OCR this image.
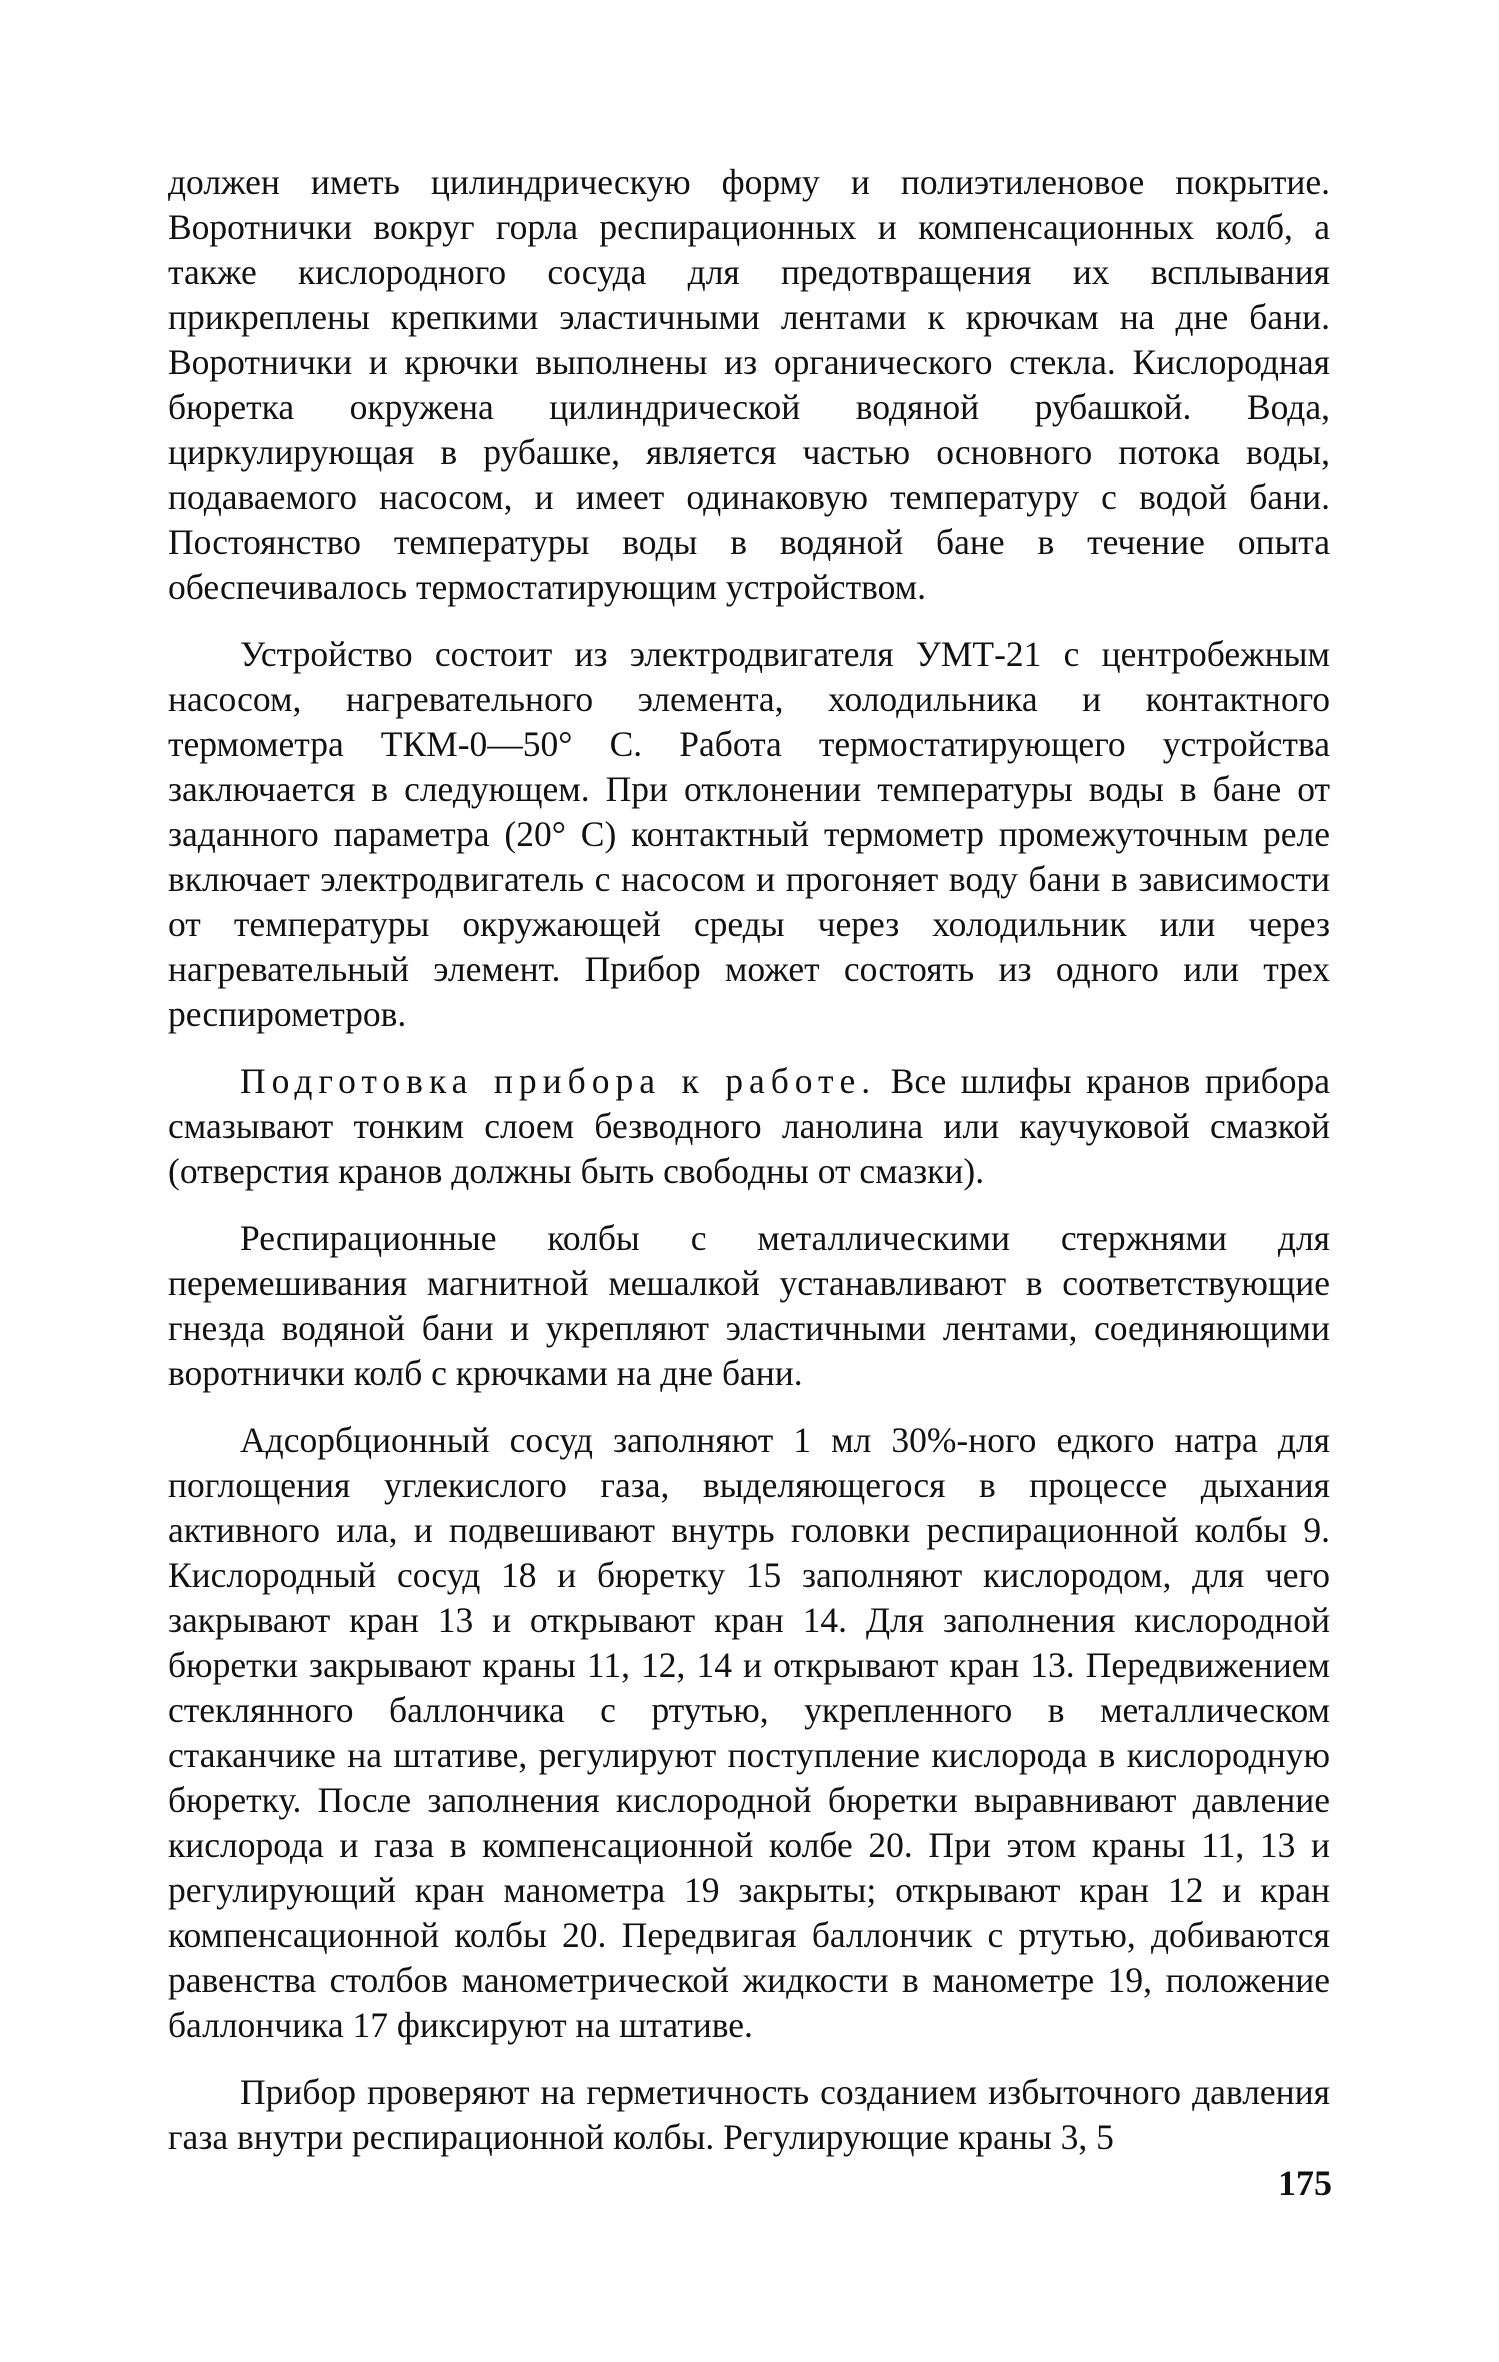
должен иметь цилиндрическую форму и полиэтиленовое покрытие. Воротнички вокруг горла респирационных и компенсационных колб, а также кислородного сосуда для предотвращения их всплывания прикреплены крепкими эластичными лентами к крючкам на дне бани. Воротнички и крючки выполнены из органического стекла. Кислородная бюретка окружена цилиндрической водяной рубашкой. Вода, циркулирующая в рубашке, является частью основного потока воды, подаваемого насосом, и имеет одинаковую температуру с водой бани. Постоянство температуры воды в водяной бане в течение опыта обеспечивалось термостатирующим устройством.

Устройство состоит из электродвигателя УМТ-21 с центробежным насосом, нагревательного элемента, холодильника и контактного термометра ТКМ-0—50° С. Работа термостатирующего устройства заключается в следующем. При отклонении температуры воды в бане от заданного параметра (20° С) контактный термометр промежуточным реле включает электродвигатель с насосом и прогоняет воду бани в зависимости от температуры окружающей среды через холодильник или через нагревательный элемент. Прибор может состоять из одного или трех респирометров.

Подготовка прибора к работе. Все шлифы кранов прибора смазывают тонким слоем безводного ланолина или каучуковой смазкой (отверстия кранов должны быть свободны от смазки).

Респирационные колбы с металлическими стержнями для перемешивания магнитной мешалкой устанавливают в соответствующие гнезда водяной бани и укрепляют эластичными лентами, соединяющими воротнички колб с крючками на дне бани.

Адсорбционный сосуд заполняют 1 мл 30%-ного едкого натра для поглощения углекислого газа, выделяющегося в процессе дыхания активного ила, и подвешивают внутрь головки респирационной колбы 9. Кислородный сосуд 18 и бюретку 15 заполняют кислородом, для чего закрывают кран 13 и открывают кран 14. Для заполнения кислородной бюретки закрывают краны 11, 12, 14 и открывают кран 13. Передвижением стеклянного баллончика с ртутью, укрепленного в металлическом стаканчике на штативе, регулируют поступление кислорода в кислородную бюретку. После заполнения кислородной бюретки выравнивают давление кислорода и газа в компенсационной колбе 20. При этом краны 11, 13 и регулирующий кран манометра 19 закрыты; открывают кран 12 и кран компенсационной колбы 20. Передвигая баллончик с ртутью, добиваются равенства столбов манометрической жидкости в манометре 19, положение баллончика 17 фиксируют на штативе.

Прибор проверяют на герметичность созданием избыточного давления газа внутри респирационной колбы. Регулирующие краны 3, 5

175
